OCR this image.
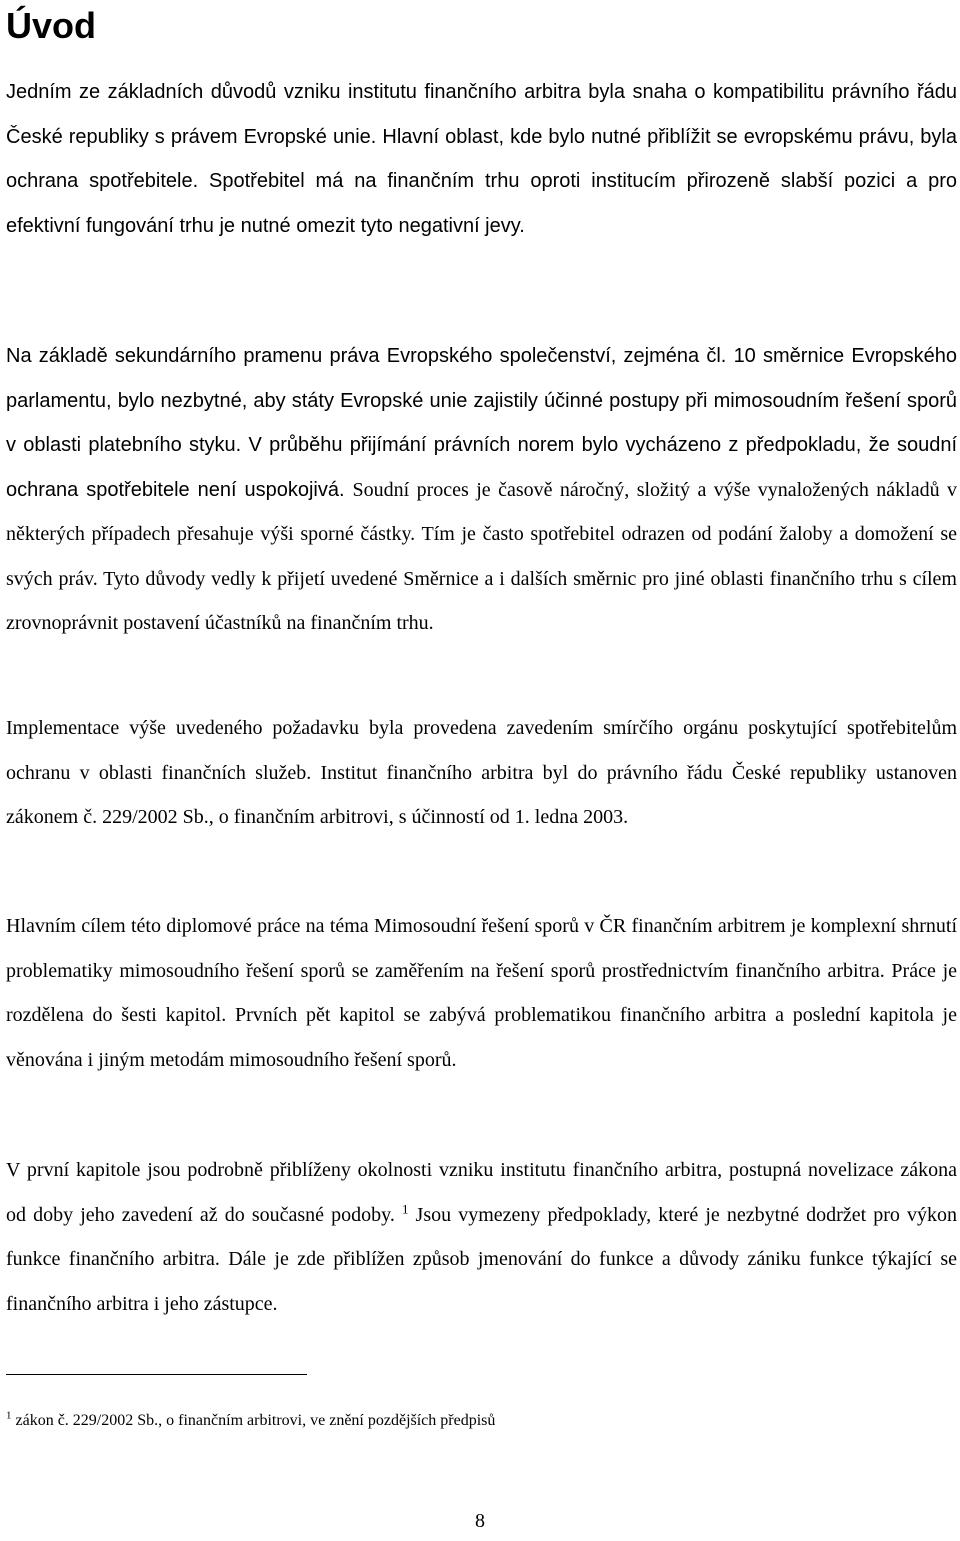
Úvod

Jedním ze základních důvodů vzniku institutu finančního arbitra byla snaha o kompatibilitu právního řádu České republiky s právem Evropské unie. Hlavní oblast, kde bylo nutné přiblížit se evropskému právu, byla ochrana spotřebitele. Spotřebitel má na finančním trhu oproti institucím přirozeně slabší pozici a pro efektivní fungování trhu je nutné omezit tyto negativní jevy.

Na základě sekundárního pramenu práva Evropského společenství, zejména čl. 10 směrnice Evropského parlamentu, bylo nezbytné, aby státy Evropské unie zajistily účinné postupy při mimosoudním řešení sporů v oblasti platebního styku. V průběhu přijímání právních norem bylo vycházeno z předpokladu, že soudní ochrana spotřebitele není uspokojivá. Soudní proces je časově náročný, složitý a výše vynaložených nákladů v některých případech přesahuje výši sporné částky. Tím je často spotřebitel odrazen od podání žaloby a domožení se svých práv. Tyto důvody vedly k přijetí uvedené Směrnice a i dalších směrnic pro jiné oblasti finančního trhu s cílem zrovnoprávnit postavení účastníků na finančním trhu.

Implementace výše uvedeného požadavku byla provedena zavedením smírčího orgánu poskytující spotřebitelům ochranu v oblasti finančních služeb. Institut finančního arbitra byl do právního řádu České republiky ustanoven zákonem č. 229/2002 Sb., o finančním arbitrovi, s účinností od 1. ledna 2003.

Hlavním cílem této diplomové práce na téma Mimosoudní řešení sporů v ČR finančním arbitrem je komplexní shrnutí problematiky mimosoudního řešení sporů se zaměřením na řešení sporů prostřednictvím finančního arbitra. Práce je rozdělena do šesti kapitol. Prvních pět kapitol se zabývá problematikou finančního arbitra a poslední kapitola je věnována i jiným metodám mimosoudního řešení sporů.

V první kapitole jsou podrobně přiblíženy okolnosti vzniku institutu finančního arbitra, postupná novelizace zákona od doby jeho zavedení až do současné podoby. $^1$ Jsou vymezeny předpoklady, které je nezbytné dodržet pro výkon funkce finančního arbitra. Dále je zde přiblížen způsob jmenování do funkce a důvody zániku funkce týkající se finančního arbitra i jeho zástupce.

$^1$ zákon č. 229/2002 Sb., o finančním arbitrovi, ve znění pozdějších předpisů

8
